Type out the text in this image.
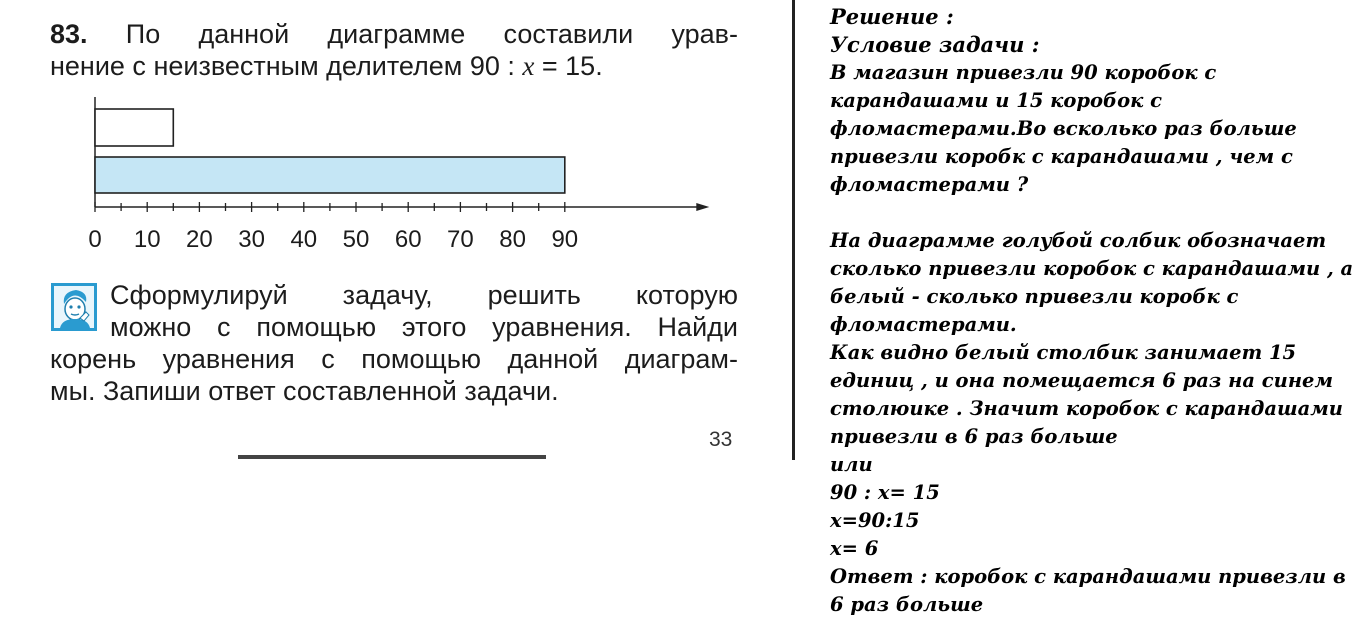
83. По данной диаграмме составили урав-
нение с неизвестным делителем 90 : x = 15.
0 10 20 30 40 50 60 70 80 90
Сформулируй задачу, решить которую
можно с помощью этого уравнения. Найди
корень уравнения с помощью данной диаграм-
мы. Запиши ответ составленной задачи.
33
Решение :
Условие задачи :
В магазин привезли 90 коробок с
карандашами и 15 коробок с
фломастерами.Во всколько раз больше
привезли коробк с карандашами , чем с
фломастерами ?
На диаграмме голубой солбик обозначает
сколько привезли коробок с карандашами , а
белый - сколько привезли коробк с
фломастерами.
Как видно белый столбик занимает 15
единиц , и она помещается 6 раз на синем
столюике . Значит коробок с карандашами
привезли в 6 раз больше
или
90 : х= 15
х=90:15
х= 6
Ответ : коробок с карандашами привезли в
6 раз больше
